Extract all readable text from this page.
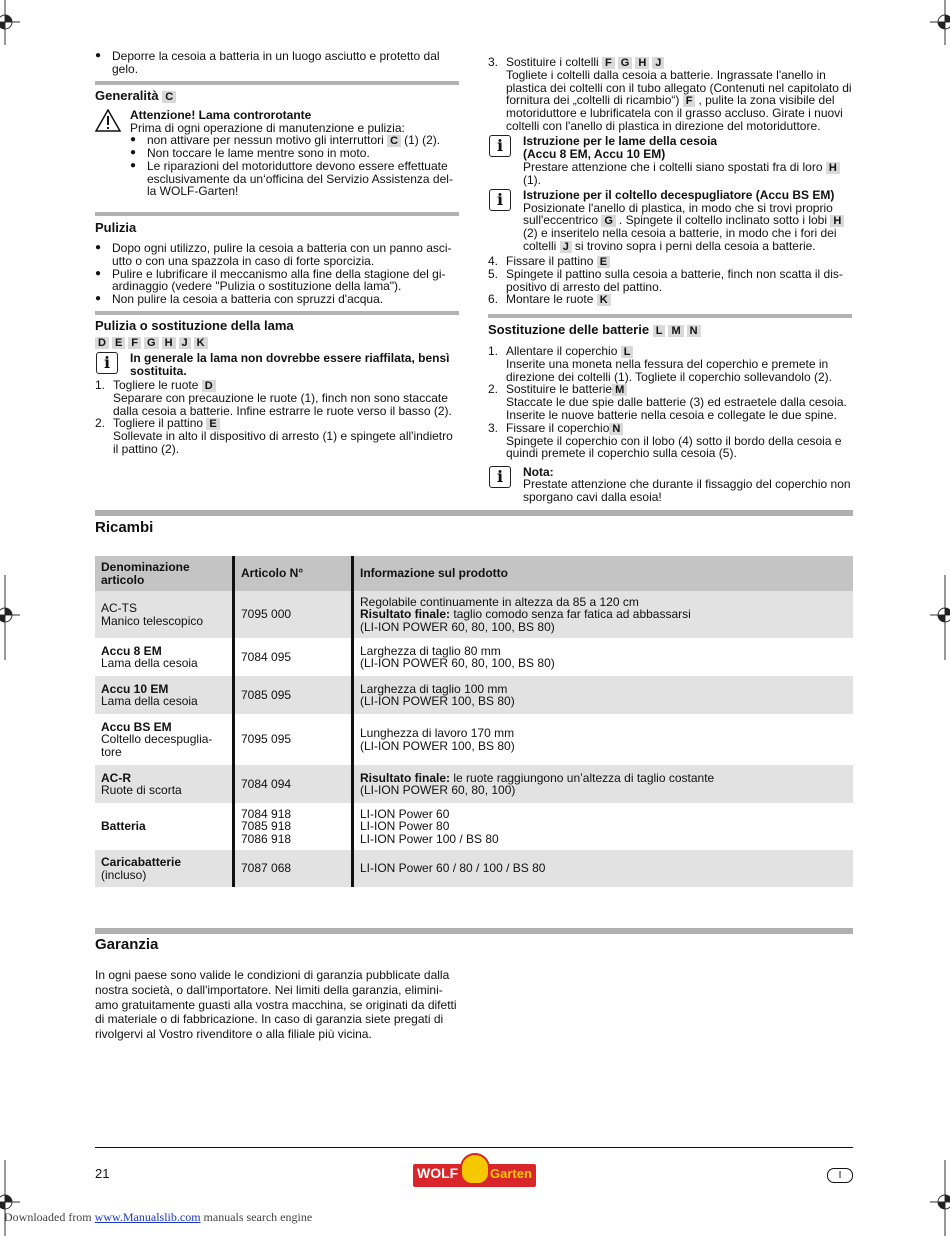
● Deporre la cesoia a batteria in un luogo asciutto e protetto dal gelo.
Generalità C
Attenzione! Lama controrotante
Prima di ogni operazione di manutenzione e pulizia:
● non attivare per nessun motivo gli interruttori C (1) (2).
● Non toccare le lame mentre sono in moto.
● Le riparazioni del motoriduttore devono essere effettuate esclusivamente da un‘officina del Servizio Assistenza del-la WOLF-Garten!
Pulizia
● Dopo ogni utilizzo, pulire la cesoia a batteria con un panno asci-utto o con una spazzola in caso di forte sporcizia.
● Pulire e lubrificare il meccanismo alla fine della stagione del gi-ardinaggio (vedere "Pulizia o sostituzione della lama").
● Non pulire la cesoia a batteria con spruzzi d'acqua.
Pulizia o sostituzione della lama
D E F G H J K
i	In generale la lama non dovrebbe essere riaffilata, bensì sostituita.
1. Togliere le ruote D
Separare con precauzione le ruote (1), finch non sono staccate dalla cesoia a batterie. Infine estrarre le ruote verso il basso (2).
2. Togliere il pattino E
Sollevate in alto il dispositivo di arresto (1) e spingete all'indietro il pattino (2).
3. Sostituire i coltelli F G H J
Togliete i coltelli dalla cesoia a batterie. Ingrassate l'anello in plastica dei coltelli con il tubo allegato (Contenuti nel capitolato di fornitura dei „coltelli di ricambio“) F , pulite la zona visibile del motoriduttore e lubrificatela con il grasso accluso. Girate i nuovi coltelli con l'anello di plastica in direzione del motoriduttore.
i	Istruzione per le lame della cesoia
(Accu 8 EM, Accu 10 EM)
Prestare attenzione che i coltelli siano spostati fra di loro H(1).
i	Istruzione per il coltello decespugliatore (Accu BS EM)
Posizionate l'anello di plastica, in modo che si trovi proprio sull'eccentrico G . Spingete il coltello inclinato sotto i lobi H(2) e inseritelo nella cesoia a batterie, in modo che i fori dei coltelli J si trovino sopra i perni della cesoia a batterie.
4. Fissare il pattino E
5. Spingete il pattino sulla cesoia a batterie, finch non scatta il dis-positivo di arresto del pattino.
6. Montare le ruote K
Sostituzione delle batterie L M N
1. Allentare il coperchio L
Inserite una moneta nella fessura del coperchio e premete in direzione dei coltelli (1). Togliete il coperchio sollevandolo (2).
2. Sostituire le batterie M
Staccate le due spie dalle batterie (3) ed estraetele dalla cesoia. Inserite le nuove batterie nella cesoia e collegate le due spine.
3. Fissare il coperchio N
Spingete il coperchio con il lobo (4) sotto il bordo della cesoia e quindi premete il coperchio sulla cesoia (5).
i	Nota:
Prestate attenzione che durante il fissaggio del coperchio non sporgano cavi dalla esoia!
Ricambi
Denominazione articolo	Articolo N°	Informazione sul prodotto
AC-TS
Manico telescopico	7095 000	Regolabile continuamente in altezza da 85 a 120 cm
Risultato finale: taglio comodo senza far fatica ad abbassarsi
(LI-ION POWER 60, 80, 100, BS 80)
Accu 8 EM
Lama della cesoia	7084 095	Larghezza di taglio 80 mm
(LI-ION POWER 60, 80, 100, BS 80)
Accu 10 EM
Lama della cesoia	7085 095	Larghezza di taglio 100 mm
(LI-ION POWER 100, BS 80)
Accu BS EM
Coltello decespuglia-
tore	7095 095	Lunghezza di lavoro 170 mm
(LI-ION POWER 100, BS 80)
AC-R
Ruote di scorta	7084 094	Risultato finale: le ruote raggiungono un’altezza di taglio costante
(LI-ION POWER 60, 80, 100)
Batteria	7084 918
7085 918
7086 918	LI-ION Power 60
LI-ION Power 80
LI-ION Power 100 / BS 80
Caricabatterie
(incluso)	7087 068	LI-ION Power 60 / 80 / 100 / BS 80
Garanzia
In ogni paese sono valide le condizioni di garanzia pubblicate dalla nostra società, o dall'importatore. Nei limiti della garanzia, elimini-amo gratuitamente guasti alla vostra macchina, se originati da difetti di materiale o di fabbricazione. In caso di garanzia siete pregati di rivolgervi al Vostro rivenditore o alla filiale più vicina.
21	WOLF Garten	I
Downloaded from www.Manualslib.com manuals search engine
